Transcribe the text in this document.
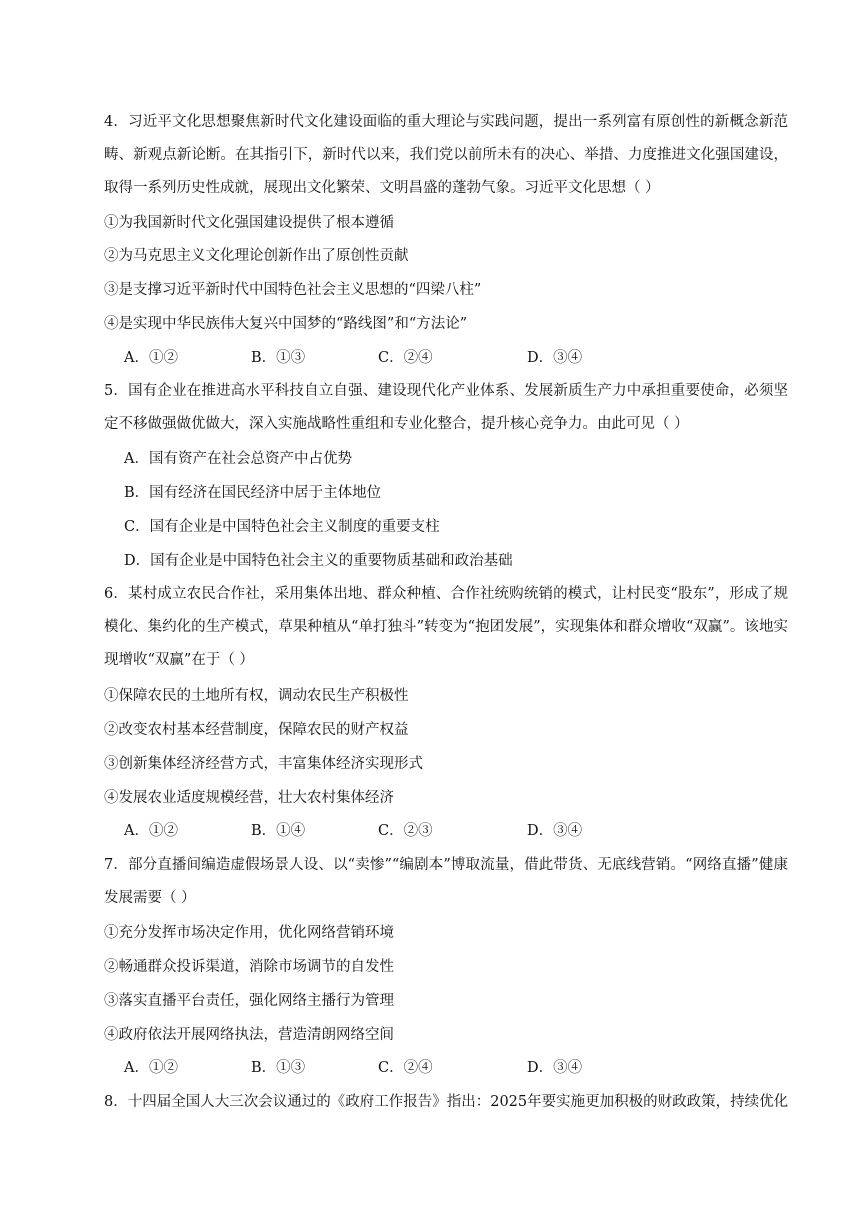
4．习近平文化思想聚焦新时代文化建设面临的重大理论与实践问题，提出一系列富有原创性的新概念新范畴、新观点新论断。在其指引下，新时代以来，我们党以前所未有的决心、举措、力度推进文化强国建设，取得一系列历史性成就，展现出文化繁荣、文明昌盛的蓬勃气象。习近平文化思想（ ）
①为我国新时代文化强国建设提供了根本遵循
②为马克思主义文化理论创新作出了原创性贡献
③是支撑习近平新时代中国特色社会主义思想的“四梁八柱”
④是实现中华民族伟大复兴中国梦的“路线图”和“方法论”
A．①②	B．①③	C．②④	D．③④
5．国有企业在推进高水平科技自立自强、建设现代化产业体系、发展新质生产力中承担重要使命，必须坚定不移做强做优做大，深入实施战略性重组和专业化整合，提升核心竞争力。由此可见（ ）
A．国有资产在社会总资产中占优势
B．国有经济在国民经济中居于主体地位
C．国有企业是中国特色社会主义制度的重要支柱
D．国有企业是中国特色社会主义的重要物质基础和政治基础
6．某村成立农民合作社，采用集体出地、群众种植、合作社统购统销的模式，让村民变“股东”，形成了规模化、集约化的生产模式，草果种植从“单打独斗”转变为“抱团发展”，实现集体和群众增收“双赢”。该地实现增收“双赢”在于（ ）
①保障农民的土地所有权，调动农民生产积极性
②改变农村基本经营制度，保障农民的财产权益
③创新集体经济经营方式，丰富集体经济实现形式
④发展农业适度规模经营，壮大农村集体经济
A．①②	B．①④	C．②③	D．③④
7．部分直播间编造虚假场景人设、以“卖惨”“编剧本”博取流量，借此带货、无底线营销。“网络直播”健康发展需要（ ）
①充分发挥市场决定作用，优化网络营销环境
②畅通群众投诉渠道，消除市场调节的自发性
③落实直播平台责任，强化网络主播行为管理
④政府依法开展网络执法，营造清朗网络空间
A．①②	B．①③	C．②④	D．③④
8．十四届全国人大三次会议通过的《政府工作报告》指出：2025年要实施更加积极的财政政策，持续优化
